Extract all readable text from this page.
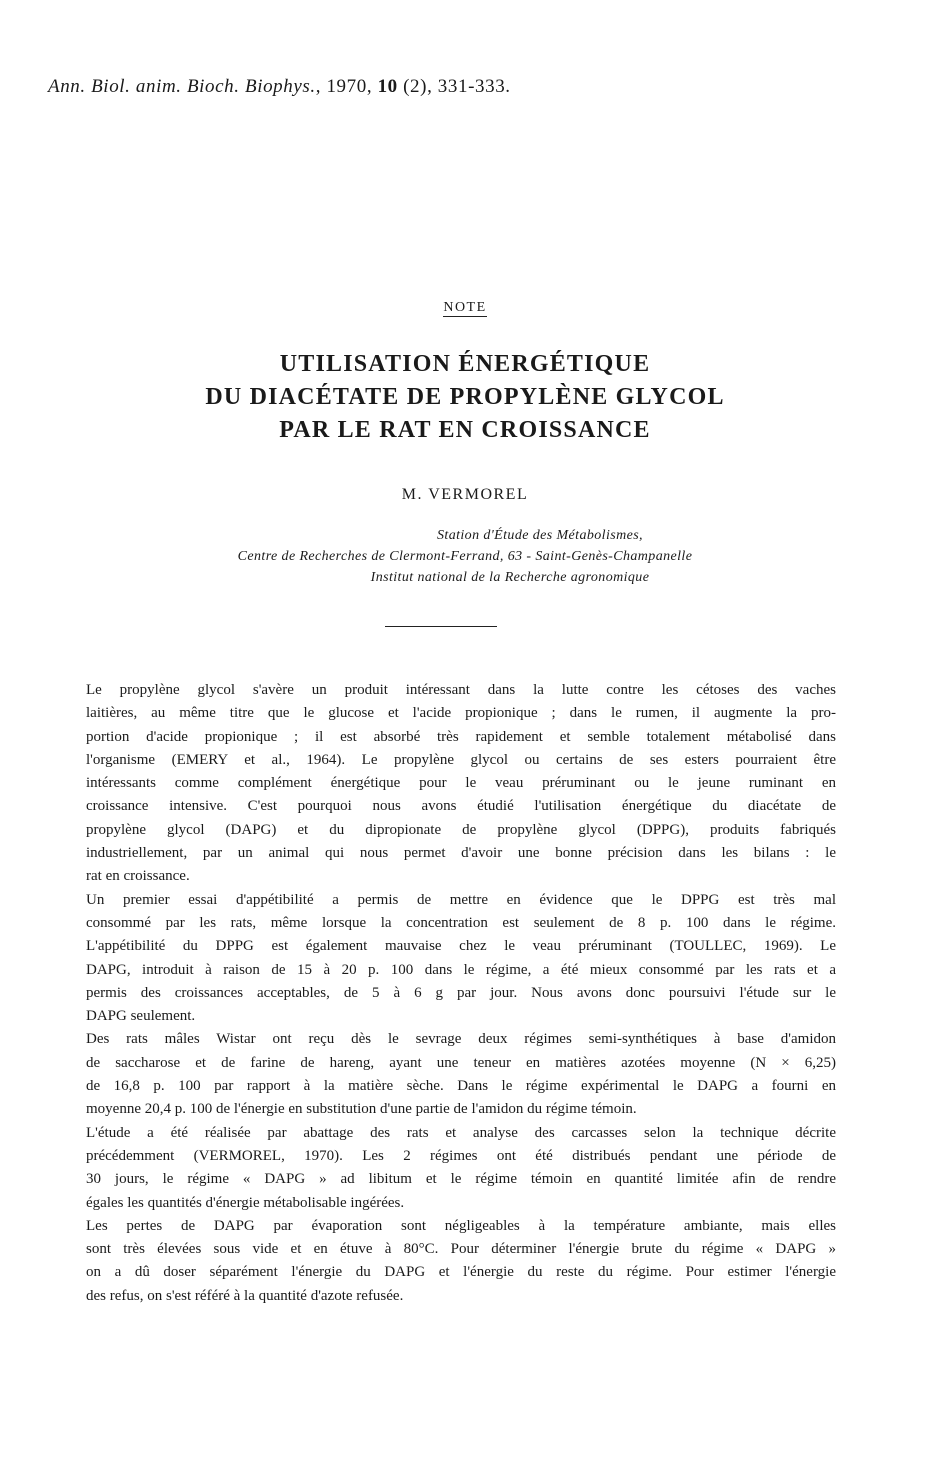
Ann. Biol. anim. Bioch. Biophys., 1970, 10 (2), 331-333.
NOTE
UTILISATION ÉNERGÉTIQUE
DU DIACÉTATE DE PROPYLÈNE GLYCOL
PAR LE RAT EN CROISSANCE
M. VERMOREL
Station d'Étude des Métabolismes,
Centre de Recherches de Clermont-Ferrand, 63 - Saint-Genès-Champanelle
Institut national de la Recherche agronomique

Le propylène glycol s'avère un produit intéressant dans la lutte contre les cétoses des vaches
laitières, au même titre que le glucose et l'acide propionique ; dans le rumen, il augmente la pro-
portion d'acide propionique ; il est absorbé très rapidement et semble totalement métabolisé dans
l'organisme (EMERY et al., 1964). Le propylène glycol ou certains de ses esters pourraient être
intéressants comme complément énergétique pour le veau préruminant ou le jeune ruminant en
croissance intensive. C'est pourquoi nous avons étudié l'utilisation énergétique du diacétate de
propylène glycol (DAPG) et du dipropionate de propylène glycol (DPPG), produits fabriqués
industriellement, par un animal qui nous permet d'avoir une bonne précision dans les bilans : le
rat en croissance.

Un premier essai d'appétibilité a permis de mettre en évidence que le DPPG est très mal
consommé par les rats, même lorsque la concentration est seulement de 8 p. 100 dans le régime.
L'appétibilité du DPPG est également mauvaise chez le veau préruminant (TOULLEC, 1969). Le
DAPG, introduit à raison de 15 à 20 p. 100 dans le régime, a été mieux consommé par les rats et a
permis des croissances acceptables, de 5 à 6 g par jour. Nous avons donc poursuivi l'étude sur le
DAPG seulement.

Des rats mâles Wistar ont reçu dès le sevrage deux régimes semi-synthétiques à base d'amidon
de saccharose et de farine de hareng, ayant une teneur en matières azotées moyenne (N × 6,25)
de 16,8 p. 100 par rapport à la matière sèche. Dans le régime expérimental le DAPG a fourni en
moyenne 20,4 p. 100 de l'énergie en substitution d'une partie de l'amidon du régime témoin.

L'étude a été réalisée par abattage des rats et analyse des carcasses selon la technique décrite
précédemment (VERMOREL, 1970). Les 2 régimes ont été distribués pendant une période de
30 jours, le régime « DAPG » ad libitum et le régime témoin en quantité limitée afin de rendre
égales les quantités d'énergie métabolisable ingérées.

Les pertes de DAPG par évaporation sont négligeables à la température ambiante, mais elles
sont très élevées sous vide et en étuve à 80°C. Pour déterminer l'énergie brute du régime « DAPG »
on a dû doser séparément l'énergie du DAPG et l'énergie du reste du régime. Pour estimer l'énergie
des refus, on s'est référé à la quantité d'azote refusée.
